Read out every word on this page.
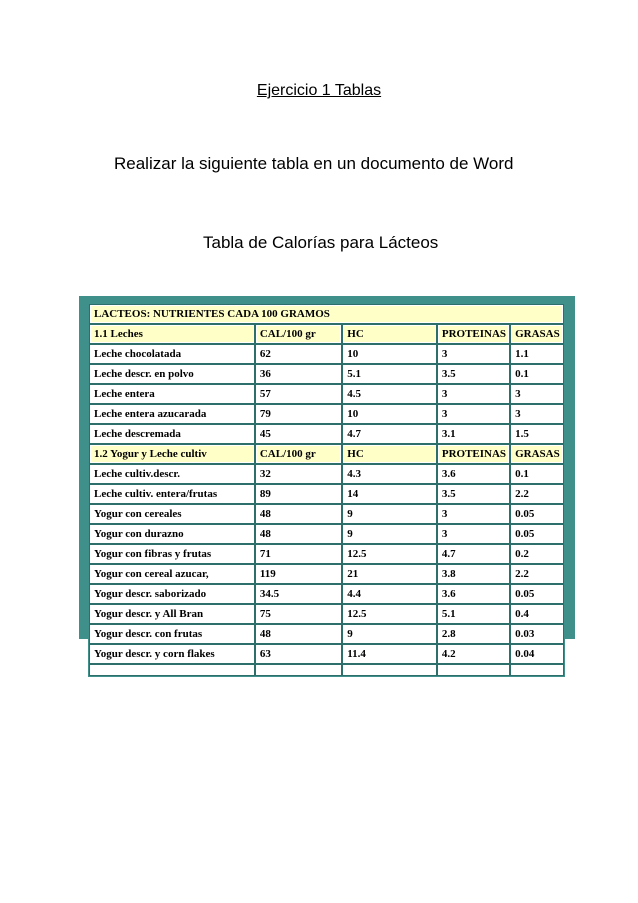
Ejercicio 1 Tablas
Realizar la siguiente tabla en un documento de Word
Tabla de Calorías para Lácteos
LACTEOS: NUTRIENTES CADA 100 GRAMOS				
1.1 Leches	CAL/100 gr	HC	PROTEINAS	GRASAS
Leche chocolatada	62	10	3	1.1
Leche descr. en polvo	36	5.1	3.5	0.1
Leche entera	57	4.5	3	3
Leche entera azucarada	79	10	3	3
Leche descremada	45	4.7	3.1	1.5
1.2 Yogur y Leche cultiv	CAL/100 gr	HC	PROTEINAS	GRASAS
Leche cultiv.descr.	32	4.3	3.6	0.1
Leche cultiv. entera/frutas	89	14	3.5	2.2
Yogur con cereales	48	9	3	0.05
Yogur con durazno	48	9	3	0.05
Yogur con fibras y frutas	71	12.5	4.7	0.2
Yogur con cereal azucar,	119	21	3.8	2.2
Yogur descr. saborizado	34.5	4.4	3.6	0.05
Yogur descr. y All Bran	75	12.5	5.1	0.4
Yogur descr. con frutas	48	9	2.8	0.03
Yogur descr. y corn flakes	63	11.4	4.2	0.04
